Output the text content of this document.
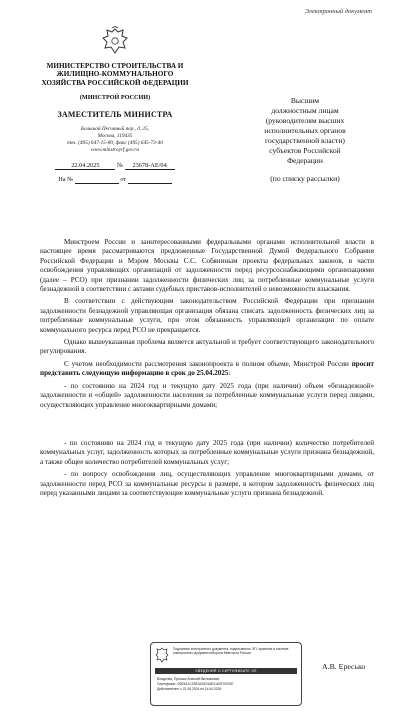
Электронный документ
МИНИСТЕРСТВО СТРОИТЕЛЬСТВА И ЖИЛИЩНО-КОММУНАЛЬНОГО ХОЗЯЙСТВА РОССИЙСКОЙ ФЕДЕРАЦИИ
(МИНСТРОЙ РОССИИ)
ЗАМЕСТИТЕЛЬ МИНИСТРА
Большой Песчаный пер., д. 25,
Москва, 119435
тел. (495) 647-15-80, факс (495) 645-73-40
www.minstroyrf.gov.ru
22.04.2025	№ 23678-АЕ/04
На №	от
Высшим
должностным лицам
(руководителям высших
исполнительных органов
государственной власти)
субъектов Российской
Федерации
(по списку рассылки)

Минстроем России и заинтересованными федеральными органами исполнительной власти в настоящее время рассматриваются предложенные Государственной Думой Федерального Собрания Российской Федерации и Мэром Москвы С.С. Собяниным проекты федеральных законов, в части освобождения управляющих организаций от задолженности перед ресурсоснабжающими организациями (далее – РСО) при признании задолженности физических лиц за потребленные коммунальные услуги безнадежной в соответствии с актами судебных приставов-исполнителей о невозможности взыскания.

В соответствии с действующим законодательством Российской Федерации при признании задолженности безнадежной управляющая организация обязана списать задолженность физических лиц за потребленные коммунальные услуги, при этом обязанность управляющей организации по оплате коммунального ресурса перед РСО не прекращается.

Однако вышеуказанная проблема является актуальной и требует соответствующего законодательного регулирования.

С учетом необходимости рассмотрения законопроекта в полном объеме, Минстрой России просит представить следующую информацию в срок до 25.04.2025:

- по состоянию на 2024 год и текущую дату 2025 года (при наличии) объем «безнадежной» задолженности и «общей» задолженности населения за потребленные коммунальные услуги перед лицами, осуществляющих управление многоквартирными домами;

- по состоянию на 2024 год и текущую дату 2025 года (при наличии) количество потребителей коммунальных услуг, задолженность которых за потребленные коммунальные услуги признана безнадежной, а также общее количество потребителей коммунальных услуг;

- по вопросу освобождения лиц, осуществляющих управление многоквартирными домами, от задолженности перед РСО за коммунальные ресурсы в размере, в котором задолженность физических лиц перед указанными лицами за соответствующие коммунальные услуги признана безнадежной.

Подлинник электронного документа, подписанного ЭП, хранится в системе электронного документооборота Минстроя России
СВЕДЕНИЯ О СЕРТИФИКАТЕ ЭП
Владелец: Ересько Алексей Витальевич
Сертификат: 00E8A1C22B2A2624AE41A0F0CE0E
Действителен: с 21.06.2024 по 14.04.2025
А.В. Ересько
